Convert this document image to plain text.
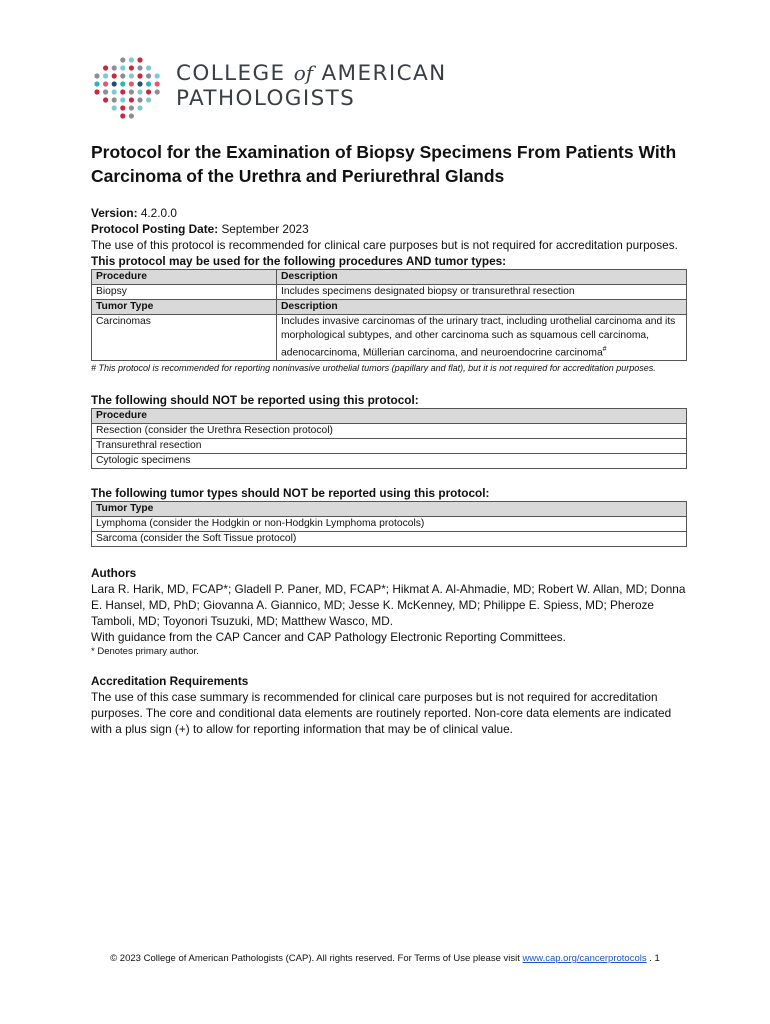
COLLEGE of AMERICAN
PATHOLOGISTS
Protocol for the Examination of Biopsy Specimens From Patients With Carcinoma of the Urethra and Periurethral Glands
Version: 4.2.0.0
Protocol Posting Date: September 2023
The use of this protocol is recommended for clinical care purposes but is not required for accreditation purposes.
This protocol may be used for the following procedures AND tumor types:
Procedure	Description
Biopsy	Includes specimens designated biopsy or transurethral resection
Tumor Type	Description
Carcinomas	Includes invasive carcinomas of the urinary tract, including urothelial carcinoma and its morphological subtypes, and other carcinoma such as squamous cell carcinoma, adenocarcinoma, Müllerian carcinoma, and neuroendocrine carcinoma#
# This protocol is recommended for reporting noninvasive urothelial tumors (papillary and flat), but it is not required for accreditation purposes.
The following should NOT be reported using this protocol:
Procedure
Resection (consider the Urethra Resection protocol)
Transurethral resection
Cytologic specimens
The following tumor types should NOT be reported using this protocol:
Tumor Type
Lymphoma (consider the Hodgkin or non-Hodgkin Lymphoma protocols)
Sarcoma (consider the Soft Tissue protocol)
Authors
Lara R. Harik, MD, FCAP*; Gladell P. Paner, MD, FCAP*; Hikmat A. Al-Ahmadie, MD; Robert W. Allan, MD; Donna E. Hansel, MD, PhD; Giovanna A. Giannico, MD; Jesse K. McKenney, MD; Philippe E. Spiess, MD; Pheroze Tamboli, MD; Toyonori Tsuzuki, MD; Matthew Wasco, MD.
With guidance from the CAP Cancer and CAP Pathology Electronic Reporting Committees.
* Denotes primary author.
Accreditation Requirements
The use of this case summary is recommended for clinical care purposes but is not required for accreditation purposes. The core and conditional data elements are routinely reported. Non-core data elements are indicated with a plus sign (+) to allow for reporting information that may be of clinical value.
© 2023 College of American Pathologists (CAP). All rights reserved. For Terms of Use please visit www.cap.org/cancerprotocols . 1
